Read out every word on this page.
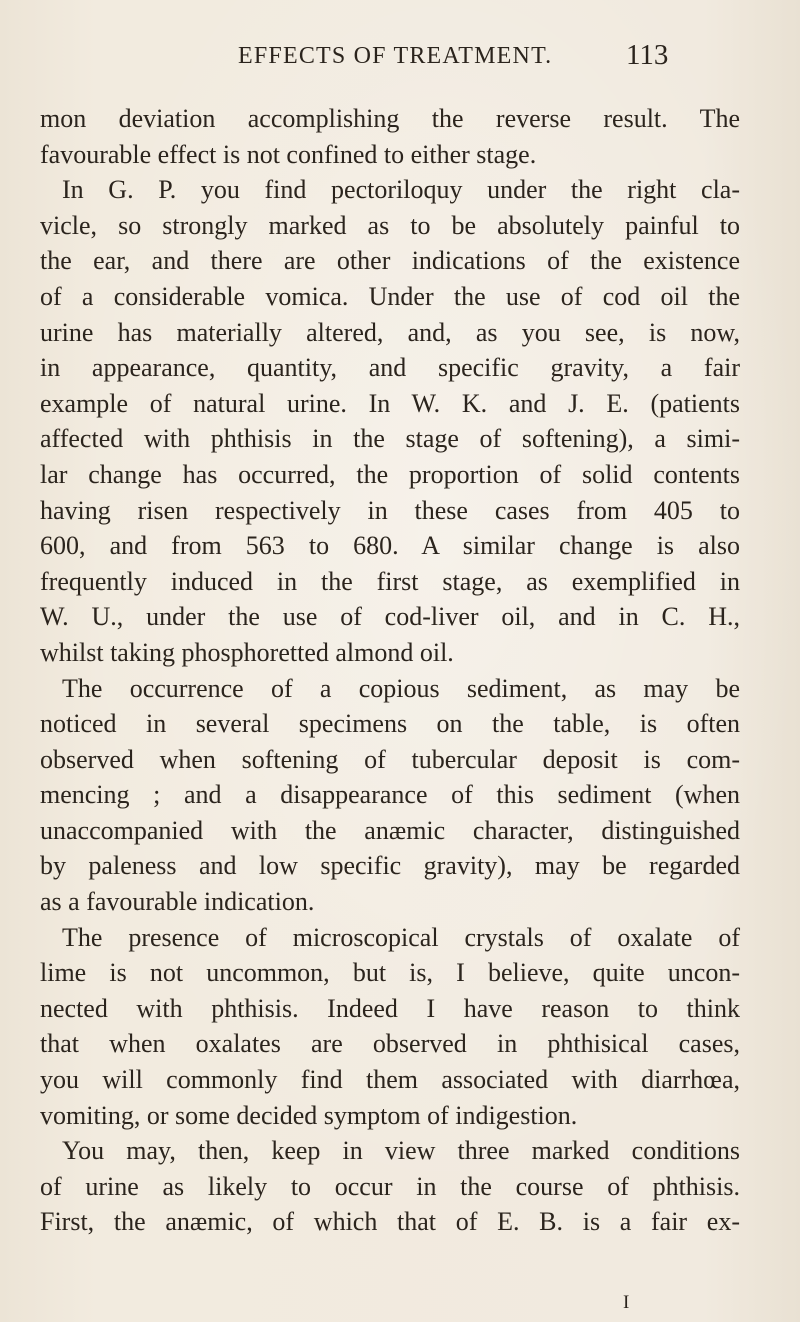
EFFECTS OF TREATMENT.	113
mon deviation accomplishing the reverse result. The
favourable effect is not confined to either stage.
In G. P. you find pectoriloquy under the right cla-
vicle, so strongly marked as to be absolutely painful to
the ear, and there are other indications of the existence
of a considerable vomica. Under the use of cod oil the
urine has materially altered, and, as you see, is now,
in appearance, quantity, and specific gravity, a fair
example of natural urine. In W. K. and J. E. (patients
affected with phthisis in the stage of softening), a simi-
lar change has occurred, the proportion of solid contents
having risen respectively in these cases from 405 to
600, and from 563 to 680. A similar change is also
frequently induced in the first stage, as exemplified in
W. U., under the use of cod-liver oil, and in C. H.,
whilst taking phosphoretted almond oil.
The occurrence of a copious sediment, as may be
noticed in several specimens on the table, is often
observed when softening of tubercular deposit is com-
mencing ; and a disappearance of this sediment (when
unaccompanied with the anæmic character, distinguished
by paleness and low specific gravity), may be regarded
as a favourable indication.
The presence of microscopical crystals of oxalate of
lime is not uncommon, but is, I believe, quite uncon-
nected with phthisis. Indeed I have reason to think
that when oxalates are observed in phthisical cases,
you will commonly find them associated with diarrhœa,
vomiting, or some decided symptom of indigestion.
You may, then, keep in view three marked conditions
of urine as likely to occur in the course of phthisis.
First, the anæmic, of which that of E. B. is a fair ex-
I
